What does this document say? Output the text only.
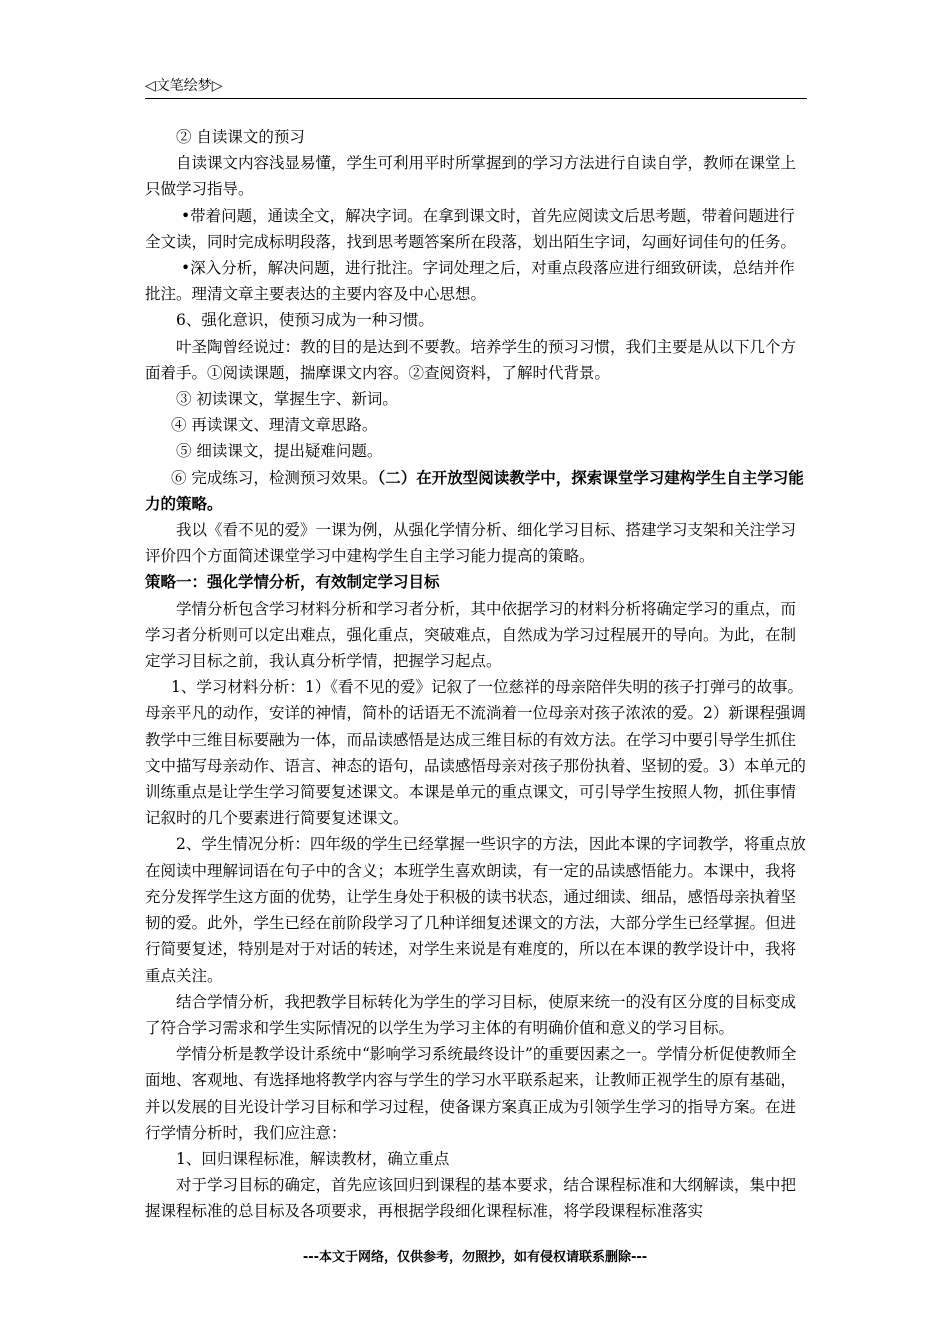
◁文笔绘梦▷

② 自读课文的预习

自读课文内容浅显易懂，学生可利用平时所掌握到的学习方法进行自读自学，教师在课堂上只做学习指导。

•带着问题，通读全文，解决字词。在拿到课文时，首先应阅读文后思考题，带着问题进行全文读，同时完成标明段落，找到思考题答案所在段落，划出陌生字词，勾画好词佳句的任务。

•深入分析，解决问题，进行批注。字词处理之后，对重点段落应进行细致研读，总结并作批注。理清文章主要表达的主要内容及中心思想。

6、强化意识，使预习成为一种习惯。

叶圣陶曾经说过：教的目的是达到不要教。培养学生的预习习惯，我们主要是从以下几个方面着手。①阅读课题，揣摩课文内容。②查阅资料，了解时代背景。

③ 初读课文，掌握生字、新词。

④ 再读课文、理清文章思路。

⑤ 细读课文，提出疑难问题。

⑥ 完成练习，检测预习效果。（二）在开放型阅读教学中，探索课堂学习建构学生自主学习能力的策略。

我以《看不见的爱》一课为例，从强化学情分析、细化学习目标、搭建学习支架和关注学习评价四个方面简述课堂学习中建构学生自主学习能力提高的策略。

策略一：强化学情分析，有效制定学习目标

学情分析包含学习材料分析和学习者分析，其中依据学习的材料分析将确定学习的重点，而学习者分析则可以定出难点，强化重点，突破难点，自然成为学习过程展开的导向。为此，在制定学习目标之前，我认真分析学情，把握学习起点。

1、学习材料分析：1）《看不见的爱》记叙了一位慈祥的母亲陪伴失明的孩子打弹弓的故事。母亲平凡的动作，安详的神情，简朴的话语无不流淌着一位母亲对孩子浓浓的爱。2）新课程强调教学中三维目标要融为一体，而品读感悟是达成三维目标的有效方法。在学习中要引导学生抓住文中描写母亲动作、语言、神态的语句，品读感悟母亲对孩子那份执着、坚韧的爱。3）本单元的训练重点是让学生学习简要复述课文。本课是单元的重点课文，可引导学生按照人物，抓住事情记叙时的几个要素进行简要复述课文。

2、学生情况分析：四年级的学生已经掌握一些识字的方法，因此本课的字词教学，将重点放在阅读中理解词语在句子中的含义；本班学生喜欢朗读，有一定的品读感悟能力。本课中，我将充分发挥学生这方面的优势，让学生身处于积极的读书状态，通过细读、细品，感悟母亲执着坚韧的爱。此外，学生已经在前阶段学习了几种详细复述课文的方法，大部分学生已经掌握。但进行简要复述，特别是对于对话的转述，对学生来说是有难度的，所以在本课的教学设计中，我将重点关注。

结合学情分析，我把教学目标转化为学生的学习目标，使原来统一的没有区分度的目标变成了符合学习需求和学生实际情况的以学生为学习主体的有明确价值和意义的学习目标。

学情分析是教学设计系统中“影响学习系统最终设计”的重要因素之一。学情分析促使教师全面地、客观地、有选择地将教学内容与学生的学习水平联系起来，让教师正视学生的原有基础，并以发展的目光设计学习目标和学习过程，使备课方案真正成为引领学生学习的指导方案。在进行学情分析时，我们应注意：

1、回归课程标准，解读教材，确立重点

对于学习目标的确定，首先应该回归到课程的基本要求，结合课程标准和大纲解读，集中把握课程标准的总目标及各项要求，再根据学段细化课程标准，将学段课程标准落实

---本文于网络，仅供参考，勿照抄，如有侵权请联系删除---
